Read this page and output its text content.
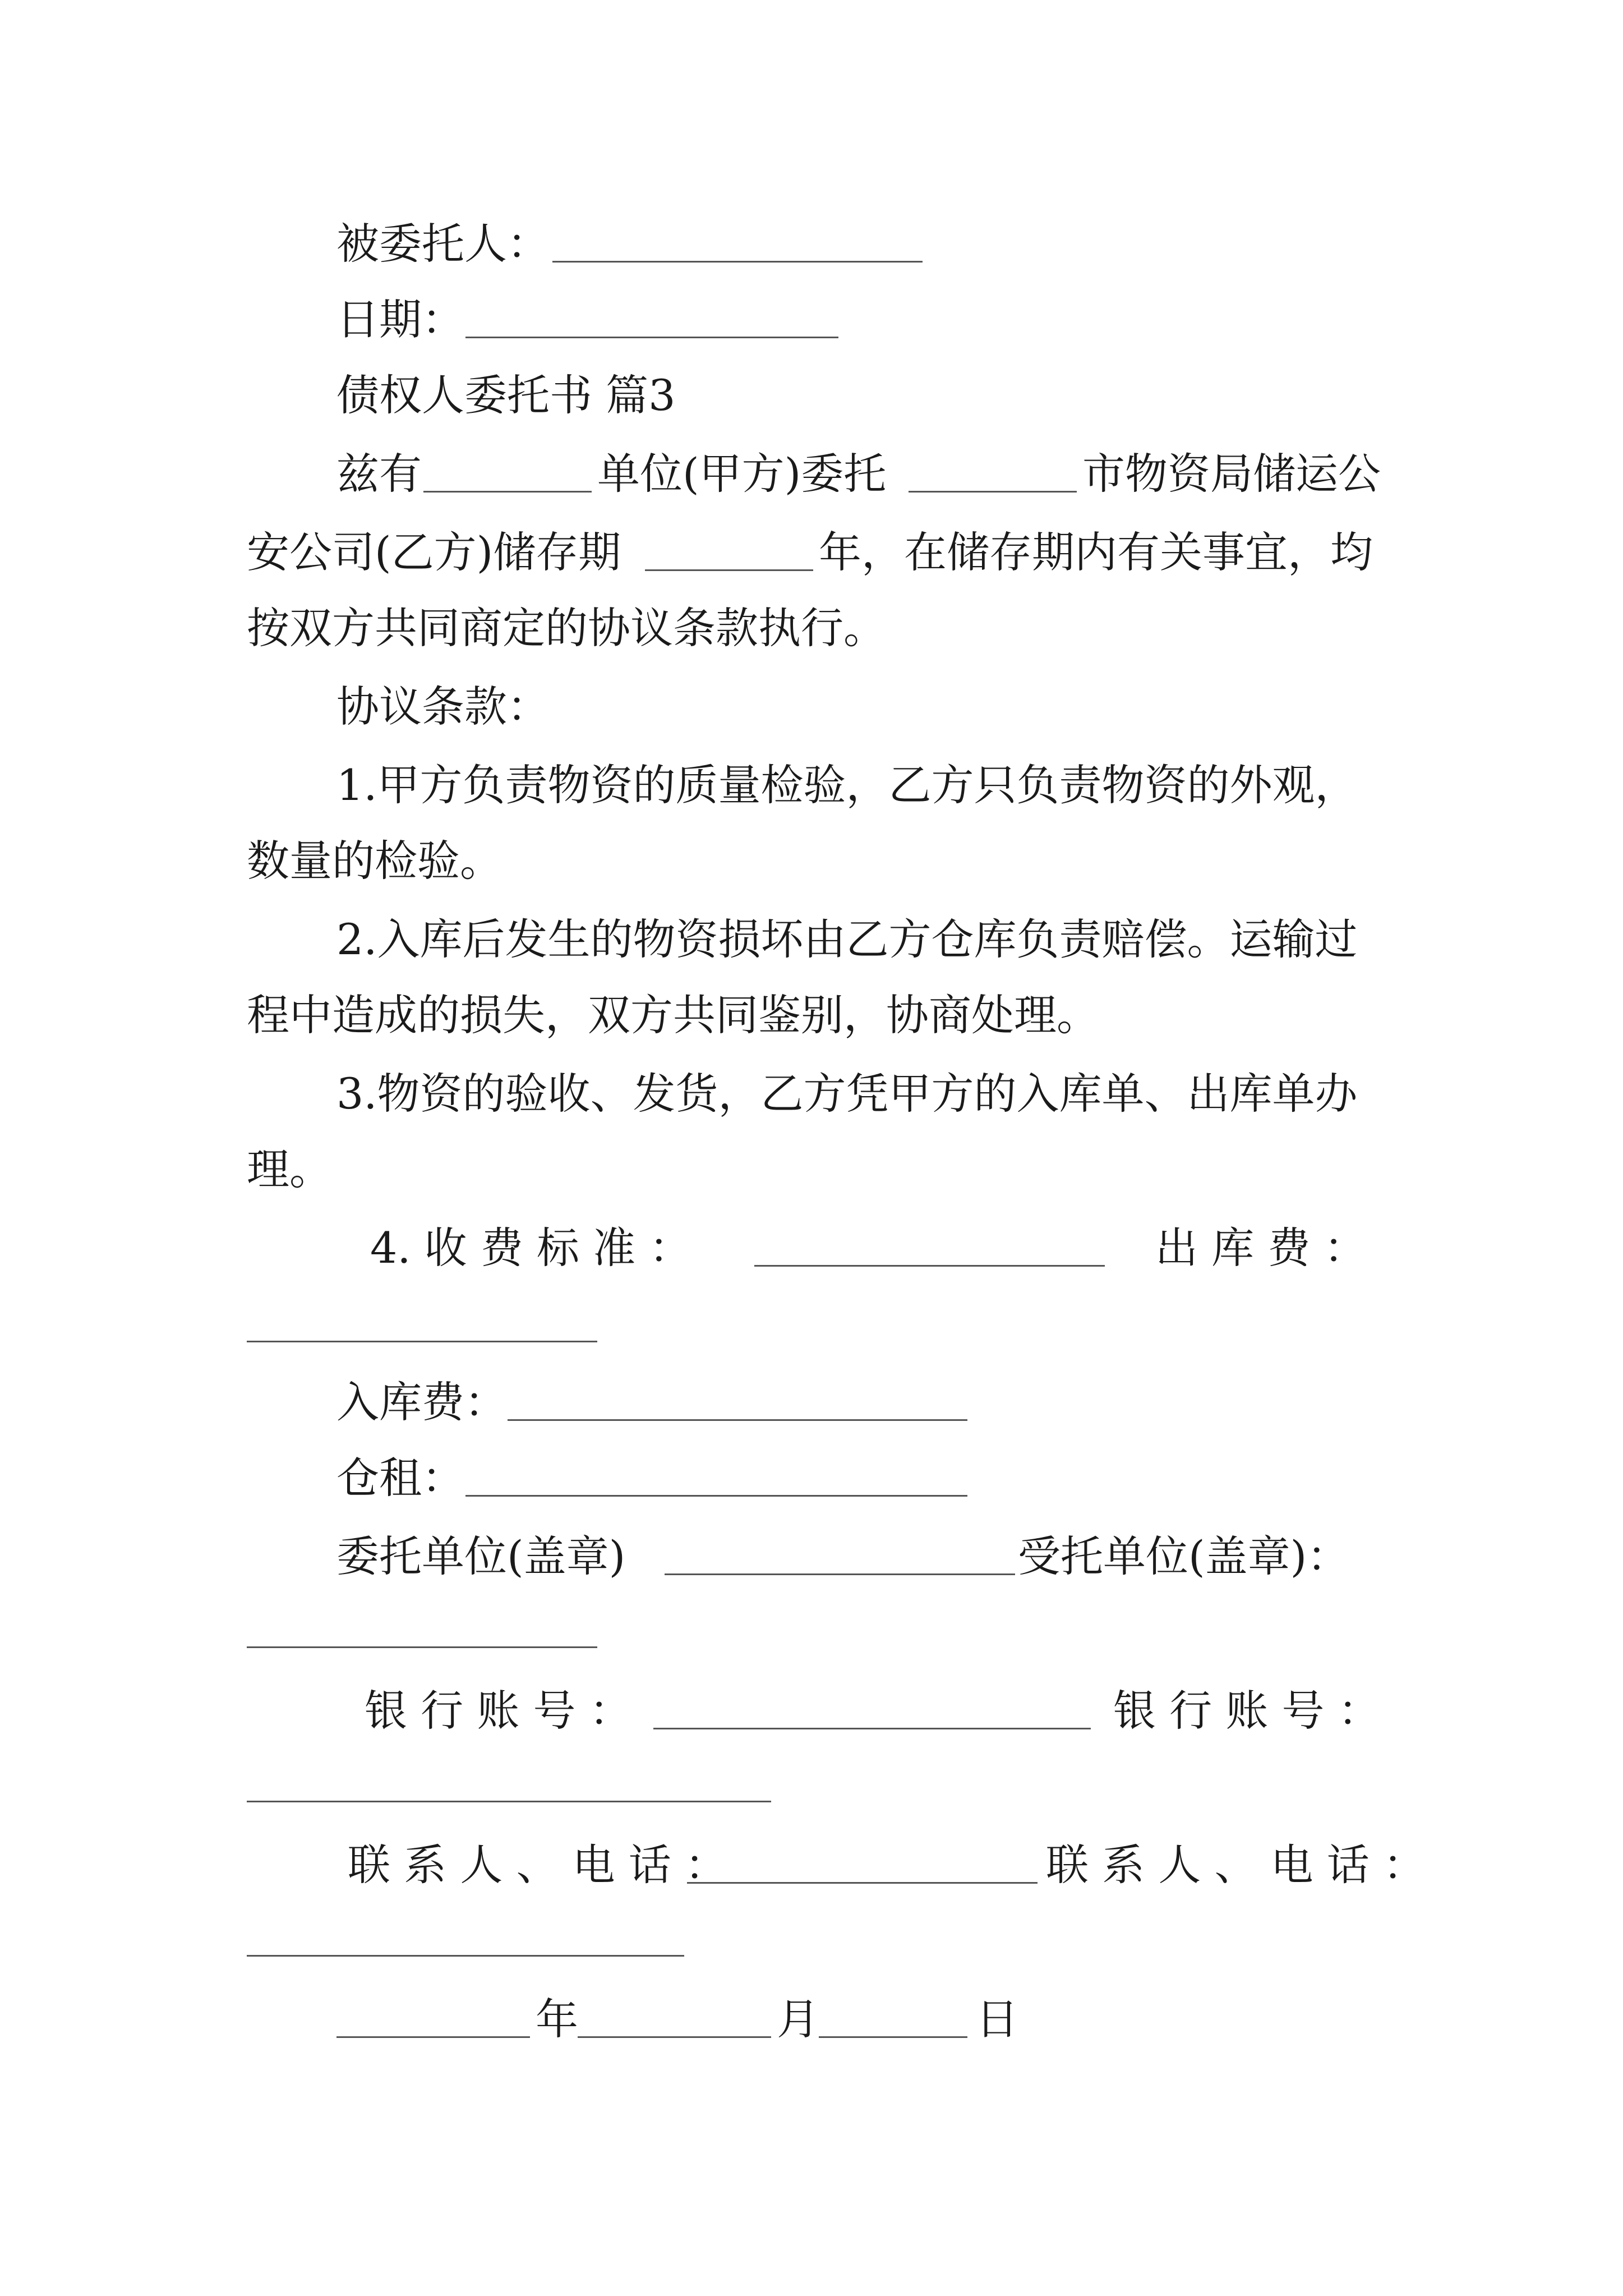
被委托人：
日期：
债权人委托书 篇3
兹有	单位(甲方)委托	市物资局储运公
安公司(乙方)储存期	年，在储存期内有关事宜，均
按双方共同商定的协议条款执行。
协议条款：
1.甲方负责物资的质量检验，乙方只负责物资的外观，
数量的检验。
2.入库后发生的物资损坏由乙方仓库负责赔偿。运输过
程中造成的损失，双方共同鉴别，协商处理。
3.物资的验收、发货，乙方凭甲方的入库单、出库单办
理。
4. 收 费 标 准 ：	出 库 费 ：
入库费：
仓租：
委托单位(盖章)	受托单位(盖章)：
银 行 账 号 ：	银 行 账 号 ：
联 系 人 、 电 话 ：	联 系 人 、 电 话 ：
年	月	日
